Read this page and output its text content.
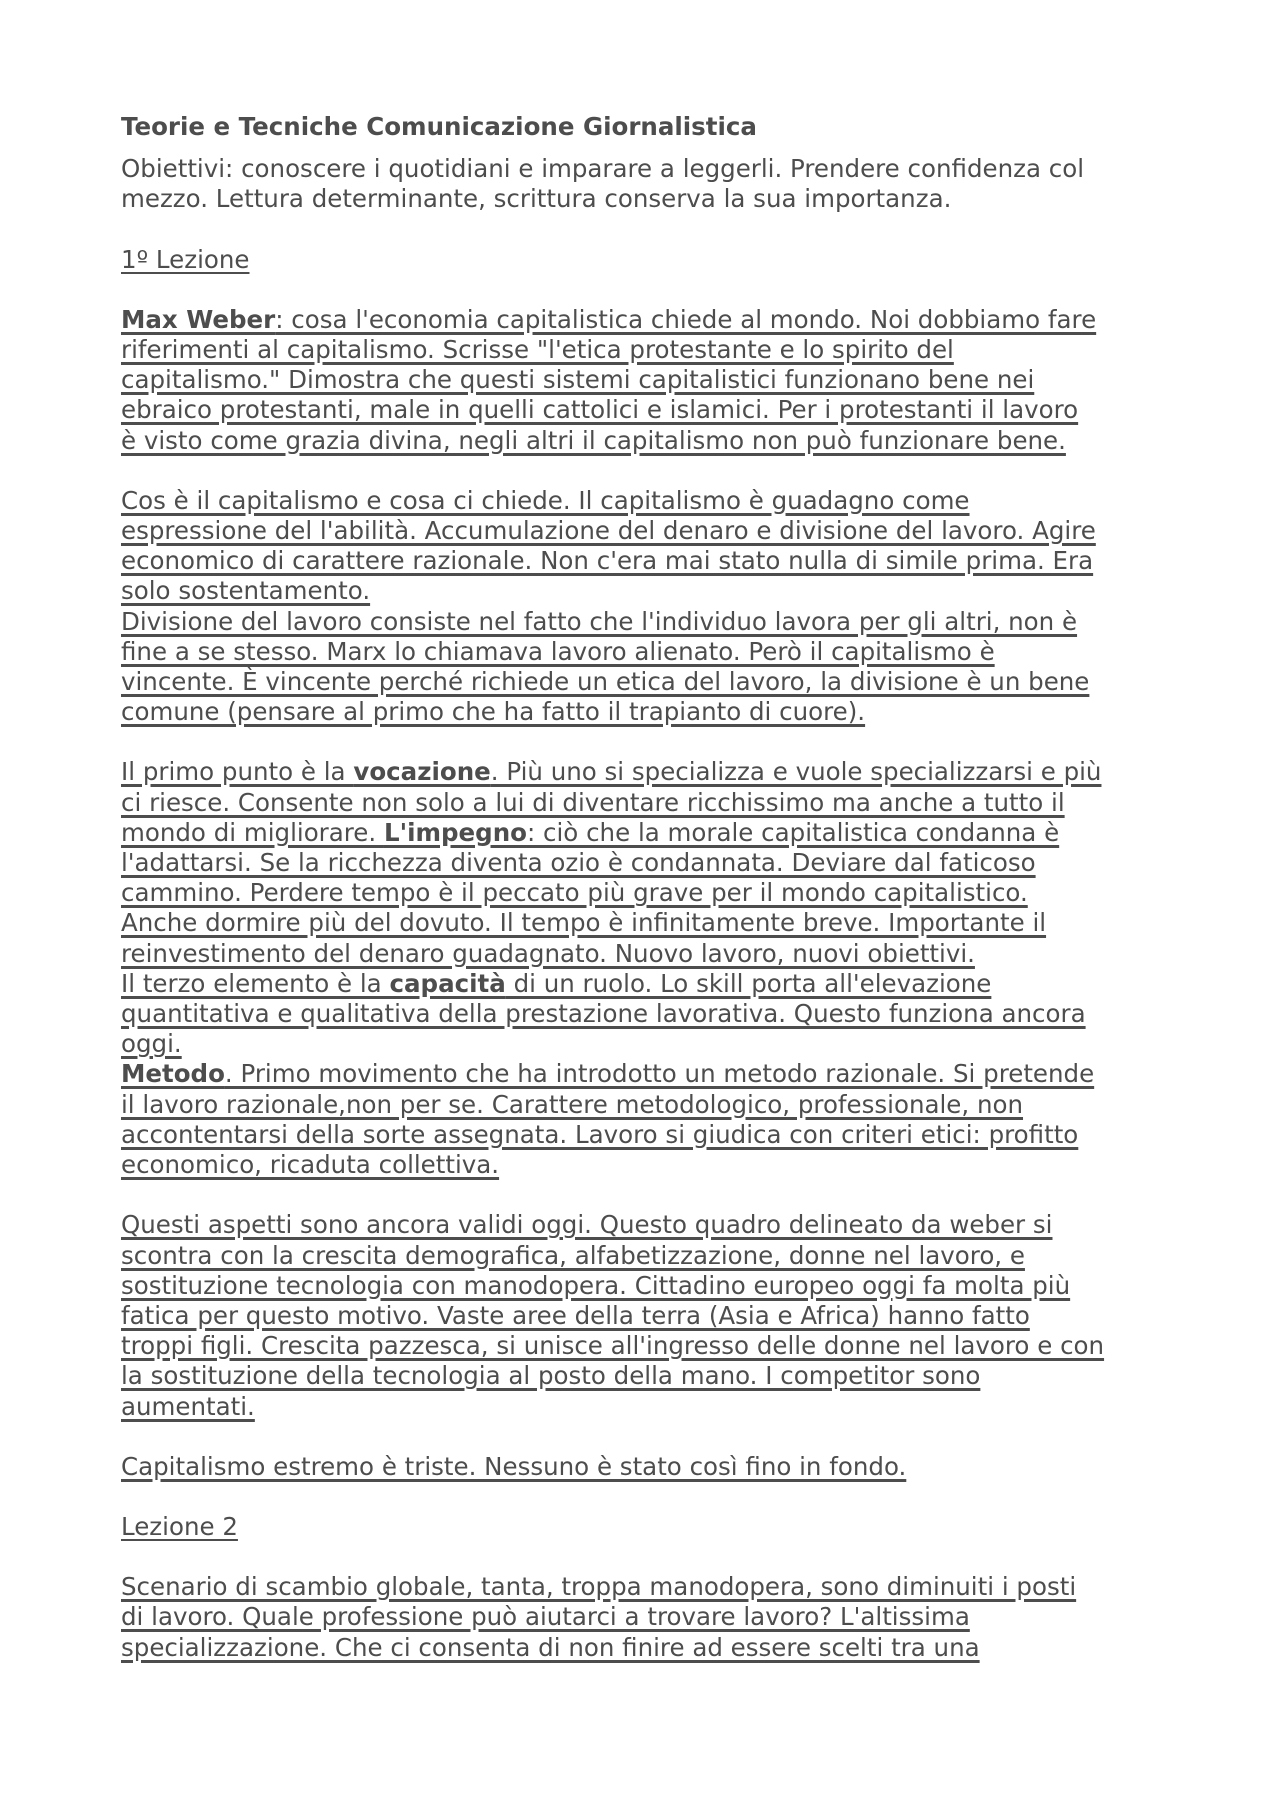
Teorie e Tecniche Comunicazione Giornalistica
Obiettivi: conoscere i quotidiani e imparare a leggerli. Prendere confidenza col
mezzo. Lettura determinante, scrittura conserva la sua importanza.
1º Lezione
Max Weber: cosa l'economia capitalistica chiede al mondo. Noi dobbiamo fare
riferimenti al capitalismo. Scrisse "l'etica protestante e lo spirito del
capitalismo." Dimostra che questi sistemi capitalistici funzionano bene nei
ebraico protestanti, male in quelli cattolici e islamici. Per i protestanti il lavoro
è visto come grazia divina, negli altri il capitalismo non può funzionare bene.
Cos è il capitalismo e cosa ci chiede. Il capitalismo è guadagno come
espressione del l'abilità. Accumulazione del denaro e divisione del lavoro. Agire
economico di carattere razionale. Non c'era mai stato nulla di simile prima. Era
solo sostentamento.
Divisione del lavoro consiste nel fatto che l'individuo lavora per gli altri, non è
fine a se stesso. Marx lo chiamava lavoro alienato. Però il capitalismo è
vincente. È vincente perché richiede un etica del lavoro, la divisione è un bene
comune (pensare al primo che ha fatto il trapianto di cuore).
Il primo punto è la vocazione. Più uno si specializza e vuole specializzarsi e più
ci riesce. Consente non solo a lui di diventare ricchissimo ma anche a tutto il
mondo di migliorare. L'impegno: ciò che la morale capitalistica condanna è
l'adattarsi. Se la ricchezza diventa ozio è condannata. Deviare dal faticoso
cammino. Perdere tempo è il peccato più grave per il mondo capitalistico.
Anche dormire più del dovuto. Il tempo è infinitamente breve. Importante il
reinvestimento del denaro guadagnato. Nuovo lavoro, nuovi obiettivi.
Il terzo elemento è la capacità di un ruolo. Lo skill porta all'elevazione
quantitativa e qualitativa della prestazione lavorativa. Questo funziona ancora
oggi.
Metodo. Primo movimento che ha introdotto un metodo razionale. Si pretende
il lavoro razionale,non per se. Carattere metodologico, professionale, non
accontentarsi della sorte assegnata. Lavoro si giudica con criteri etici: profitto
economico, ricaduta collettiva.
Questi aspetti sono ancora validi oggi. Questo quadro delineato da weber si
scontra con la crescita demografica, alfabetizzazione, donne nel lavoro, e
sostituzione tecnologia con manodopera. Cittadino europeo oggi fa molta più
fatica per questo motivo. Vaste aree della terra (Asia e Africa) hanno fatto
troppi figli. Crescita pazzesca, si unisce all'ingresso delle donne nel lavoro e con
la sostituzione della tecnologia al posto della mano. I competitor sono
aumentati.
Capitalismo estremo è triste. Nessuno è stato così fino in fondo.
Lezione 2
Scenario di scambio globale, tanta, troppa manodopera, sono diminuiti i posti
di lavoro. Quale professione può aiutarci a trovare lavoro? L'altissima
specializzazione. Che ci consenta di non finire ad essere scelti tra una
